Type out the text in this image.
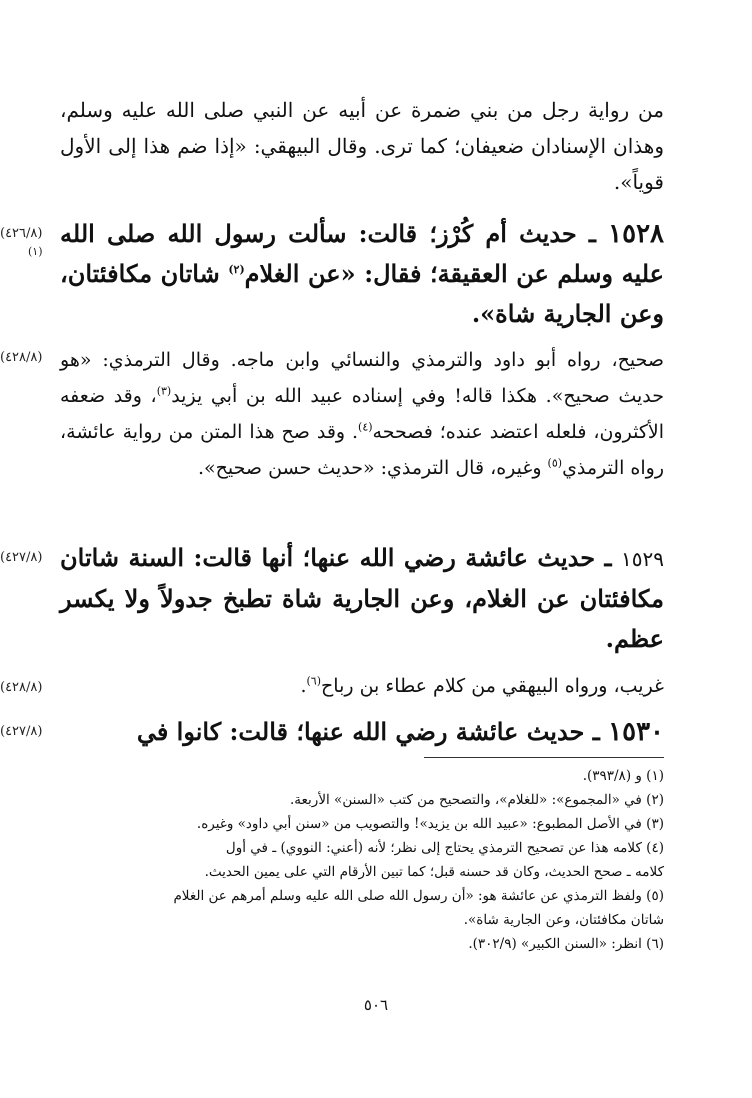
من رواية رجل من بني ضمرة عن أبيه عن النبي صلى الله عليه وسلم، وهذان الإسنادان ضعيفان؛ كما ترى. وقال البيهقي: «إذا ضم هذا إلى الأول قوياً».
(٤٢٦/٨)
(١)
١٥٢٨ ـ حديث أم كُرْز؛ قالت: سألت رسول الله صلى الله عليه وسلم عن العقيقة؛ فقال: «عن الغلام$^{(٢)}$ شاتان مكافئتان، وعن الجارية شاة».
(٤٢٨/٨) صحيح، رواه أبو داود والترمذي والنسائي وابن ماجه. وقال الترمذي: «هو حديث صحيح». هكذا قاله! وفي إسناده عبيد الله بن أبي يزيد$^{(٣)}$، وقد ضعفه الأكثرون، فلعله اعتضد عنده؛ فصححه$^{(٤)}$. وقد صح هذا المتن من رواية عائشة، رواه الترمذي$^{(٥)}$ وغيره، قال الترمذي: «حديث حسن صحيح».
(٤٢٧/٨)	١٥٢٩ ـ حديث عائشة رضي الله عنها؛ أنها قالت: السنة شاتان مكافئتان عن الغلام، وعن الجارية شاة تطبخ جدولاً ولا يكسر عظم.
(٤٢٨/٨)	غريب، ورواه البيهقي من كلام عطاء بن رباح$^{(٦)}$.
(٤٢٧/٨)	١٥٣٠ ـ حديث عائشة رضي الله عنها؛ قالت: كانوا في
(١) و (٣٩٣/٨).
(٢) في «المجموع»: «للغلام»، والتصحيح من كتب «السنن» الأربعة.
(٣) في الأصل المطبوع: «عبيد الله بن يزيد»! والتصويب من «سنن أبي داود» وغيره.
(٤) كلامه هذا عن تصحيح الترمذي يحتاج إلى نظر؛ لأنه (أعني: النووي) ـ في أول
كلامه ـ صحح الحديث، وكان قد حسنه قبل؛ كما تبين الأرقام التي على يمين الحديث.
(٥) ولفظ الترمذي عن عائشة هو: «أن رسول الله صلى الله عليه وسلم أمرهم عن الغلام
شاتان مكافئتان، وعن الجارية شاة».
(٦) انظر: «السنن الكبير» (٣٠٢/٩).
٥٠٦
